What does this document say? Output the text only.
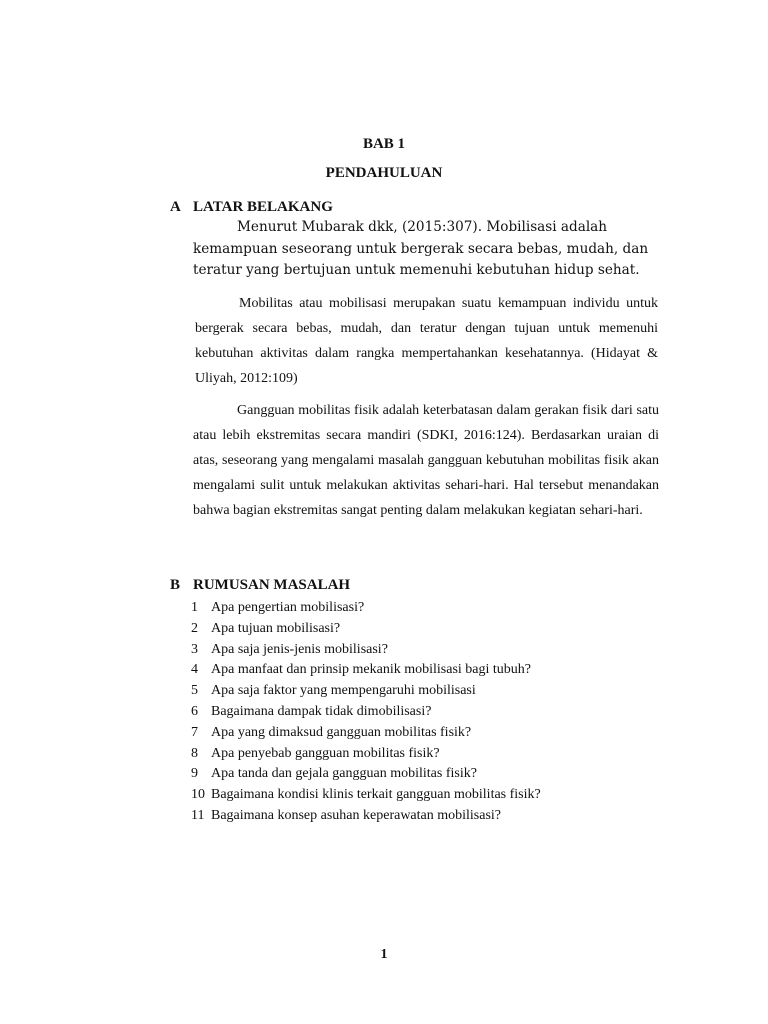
BAB 1
PENDAHULUAN
A LATAR BELAKANG

Menurut Mubarak dkk, (2015:307). Mobilisasi adalah kemampuan seseorang untuk bergerak secara bebas, mudah, dan teratur yang bertujuan untuk memenuhi kebutuhan hidup sehat.

Mobilitas atau mobilisasi merupakan suatu kemampuan individu untuk bergerak secara bebas, mudah, dan teratur dengan tujuan untuk memenuhi kebutuhan aktivitas dalam rangka mempertahankan kesehatannya. (Hidayat & Uliyah, 2012:109)

Gangguan mobilitas fisik adalah keterbatasan dalam gerakan fisik dari satu atau lebih ekstremitas secara mandiri (SDKI, 2016:124). Berdasarkan uraian di atas, seseorang yang mengalami masalah gangguan kebutuhan mobilitas fisik akan mengalami sulit untuk melakukan aktivitas sehari-hari. Hal tersebut menandakan bahwa bagian ekstremitas sangat penting dalam melakukan kegiatan sehari-hari.

B RUMUSAN MASALAH
1 Apa pengertian mobilisasi?
2 Apa tujuan mobilisasi?
3 Apa saja jenis-jenis mobilisasi?
4 Apa manfaat dan prinsip mekanik mobilisasi bagi tubuh?
5 Apa saja faktor yang mempengaruhi mobilisasi
6 Bagaimana dampak tidak dimobilisasi?
7 Apa yang dimaksud gangguan mobilitas fisik?
8 Apa penyebab gangguan mobilitas fisik?
9 Apa tanda dan gejala gangguan mobilitas fisik?
10 Bagaimana kondisi klinis terkait gangguan mobilitas fisik?
11 Bagaimana konsep asuhan keperawatan mobilisasi?
1
